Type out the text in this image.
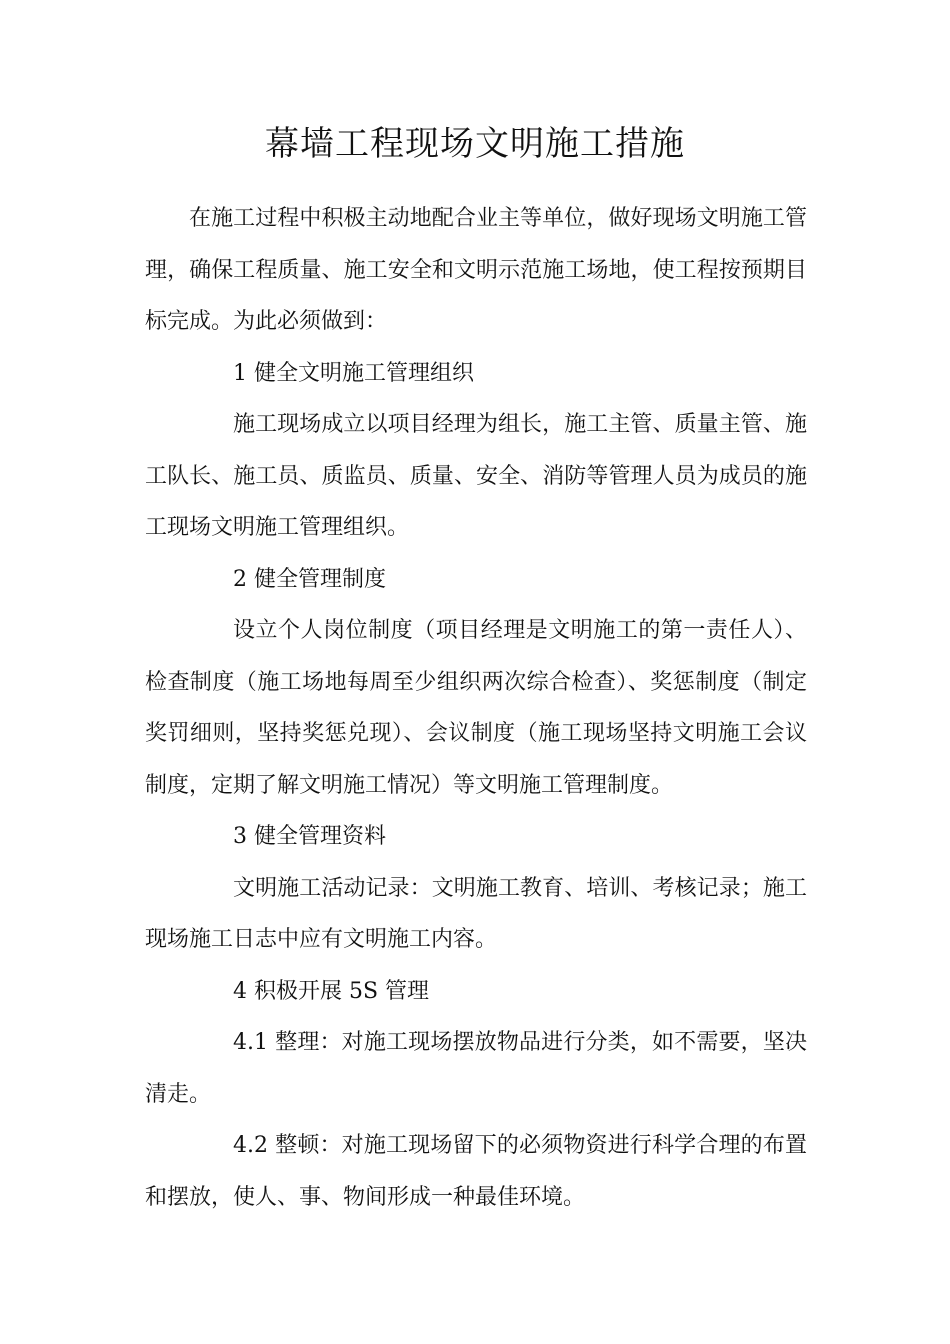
幕墙工程现场文明施工措施

在施工过程中积极主动地配合业主等单位，做好现场文明施工管理，确保工程质量、施工安全和文明示范施工场地，使工程按预期目标完成。为此必须做到：

1 健全文明施工管理组织

施工现场成立以项目经理为组长，施工主管、质量主管、施工队长、施工员、质监员、质量、安全、消防等管理人员为成员的施工现场文明施工管理组织。

2 健全管理制度

设立个人岗位制度（项目经理是文明施工的第一责任人）、检查制度（施工场地每周至少组织两次综合检查）、奖惩制度（制定奖罚细则，坚持奖惩兑现）、会议制度（施工现场坚持文明施工会议制度，定期了解文明施工情况）等文明施工管理制度。

3 健全管理资料

文明施工活动记录：文明施工教育、培训、考核记录；施工现场施工日志中应有文明施工内容。

4 积极开展 5S 管理

4.1 整理：对施工现场摆放物品进行分类，如不需要，坚决清走。

4.2 整顿：对施工现场留下的必须物资进行科学合理的布置和摆放，使人、事、物间形成一种最佳环境。
